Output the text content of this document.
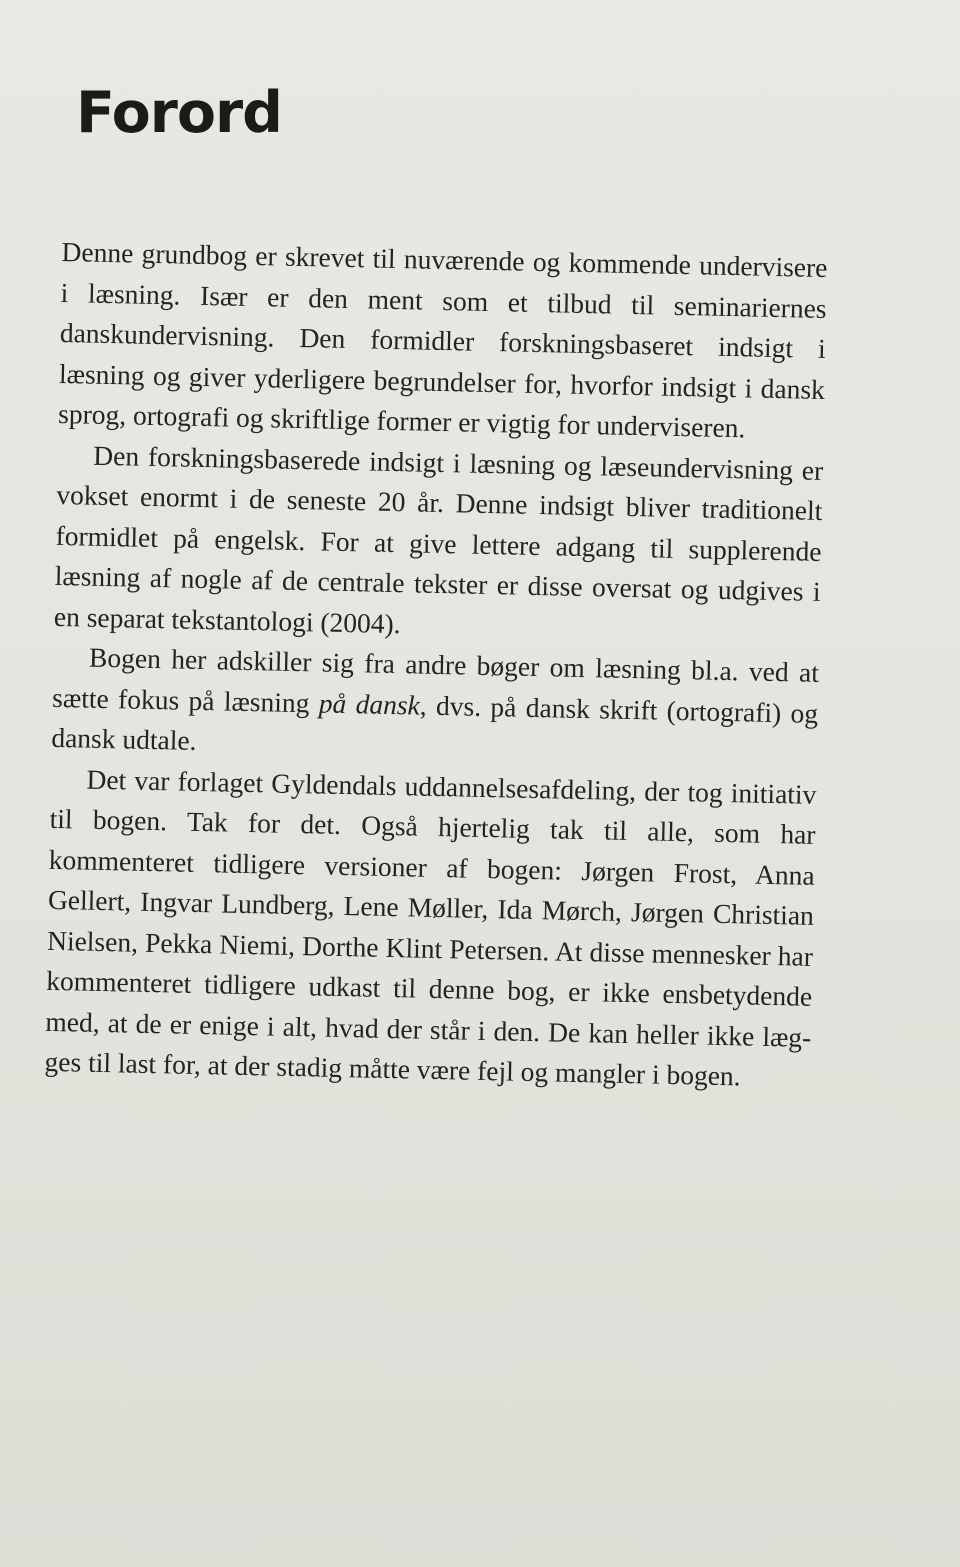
Forord

Denne grundbog er skrevet til nuværende og kommende undervisere i læsning. Især er den ment som et tilbud til seminariernes danskundervisning. Den formidler forskningsbaseret indsigt i læsning og giver yderligere begrundelser for, hvorfor indsigt i dansk sprog, ortografi og skriftlige former er vigtig for underviseren.

Den forskningsbaserede indsigt i læsning og læseundervisning er vokset enormt i de seneste 20 år. Denne indsigt bliver traditionelt formidlet på engelsk. For at give lettere adgang til supplerende læsning af nogle af de centrale tekster er disse oversat og udgives i en separat tekstantologi (2004).

Bogen her adskiller sig fra andre bøger om læsning bl.a. ved at sætte fokus på læsning på dansk, dvs. på dansk skrift (ortografi) og dansk udtale.

Det var forlaget Gyldendals uddannelsesafdeling, der tog initiativ til bogen. Tak for det. Også hjertelig tak til alle, som har kommenteret tidligere versioner af bogen: Jørgen Frost, Anna Gellert, Ingvar Lundberg, Lene Møller, Ida Mørch, Jørgen Christian Nielsen, Pekka Niemi, Dorthe Klint Petersen. At disse mennesker har kommenteret tidligere udkast til denne bog, er ikke ensbetydende med, at de er enige i alt, hvad der står i den. De kan heller ikke lægges til last for, at der stadig måtte være fejl og mangler i bogen.
